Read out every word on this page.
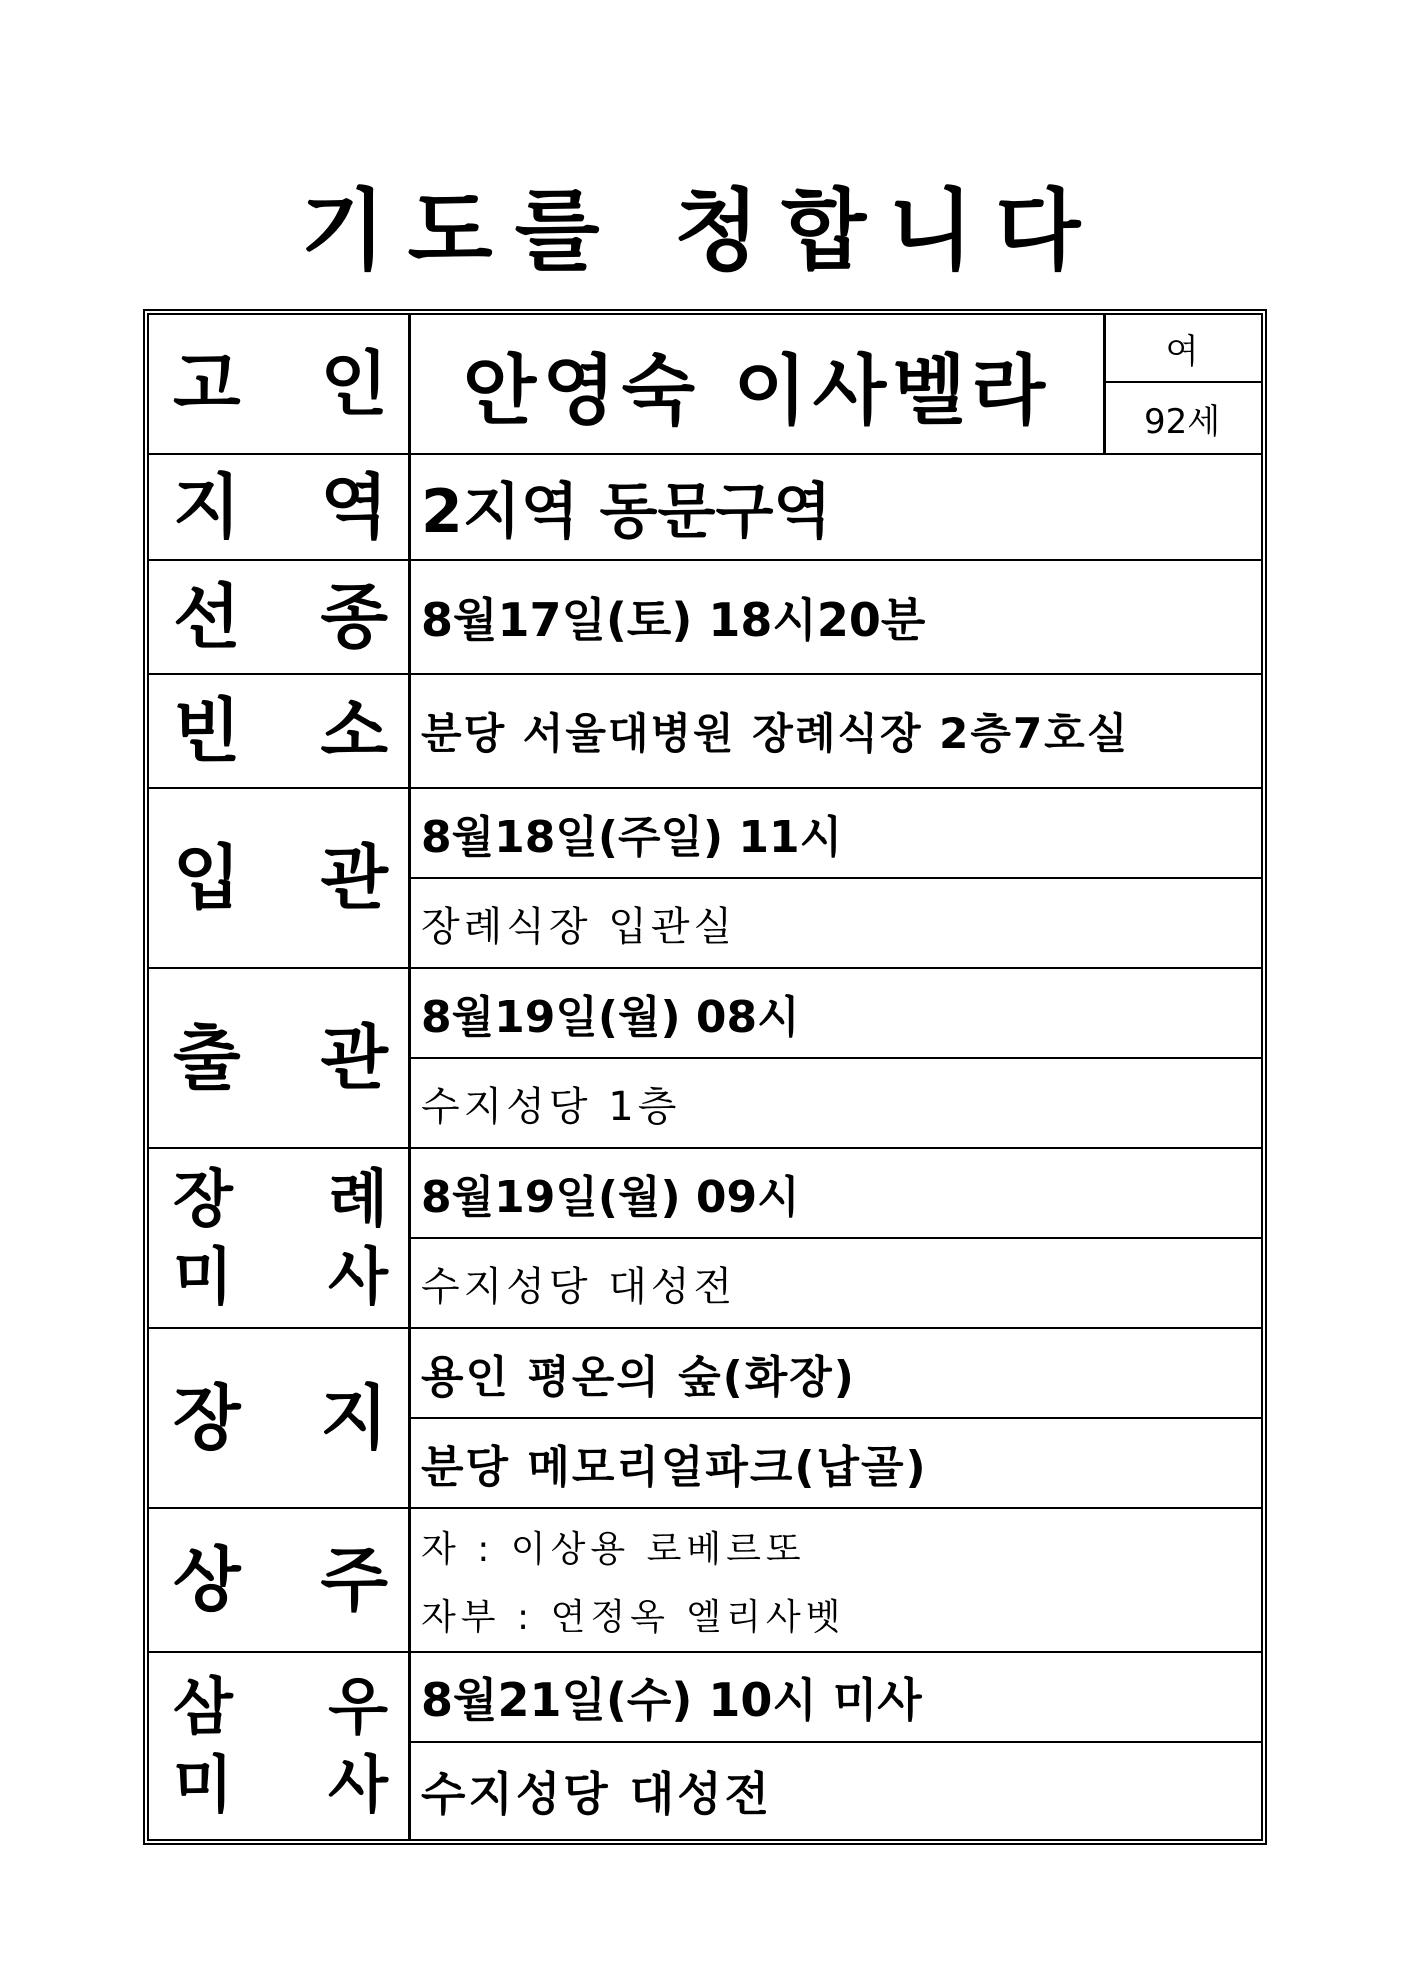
기도를 청합니다
고 인 안영숙 이사벨라	여
92세
지 역 2지역 동문구역
선 종 8월17일(토) 18시20분
빈 소 분당 서울대병원 장례식장 2층7호실
입 관 8월18일(주일) 11시
장례식장 입관실
출 관 8월19일(월) 08시
수지성당 1층
장 례
미 사
8월19일(월) 09시
수지성당 대성전
장 지 용인 평온의 숲(화장)
분당 메모리얼파크(납골)
상 주 자 : 이상용 로베르또
자부 : 연정옥 엘리사벳
삼 우
미 사
8월21일(수) 10시 미사
수지성당 대성전
